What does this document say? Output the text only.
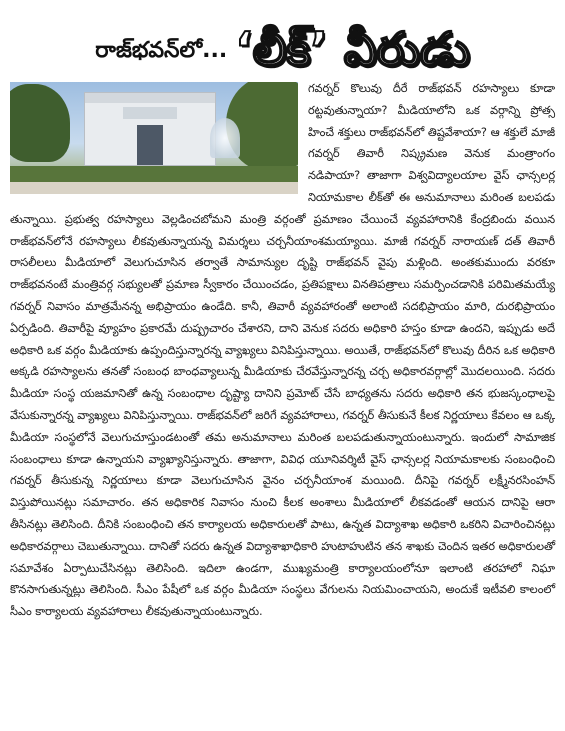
రాజ్‌భవన్‌లో... ‘లీక్’ వీరుడు

గవర్నర్ కొలువు దీరే రాజ్‌భవన్ రహస్యాలు కూడా రట్టవుతున్నాయా? మీడియాలోని ఒక వర్గాన్ని ప్రోత్స హించే శక్తులు రాజ్‌భవన్‌లో తిష్టవేశాయా? ఆ శక్తులే మాజీ గవర్నర్ తివారీ నిష్క్రమణ వెనుక మంత్రాంగం నడిపాయా? తాజాగా విశ్వవిద్యాలయాల వైస్ ఛాన్సలర్ల నియామకాల లీక్‌తో ఈ అనుమానాలు మరింత బలపడు తున్నాయి. ప్రభుత్వ రహస్యాలు వెల్లడించబోమని మంత్రి వర్గంతో ప్రమాణం చేయించే వ్యవహారానికి కేంద్రబిందు వయిన రాజ్‌భవన్‌లోనే రహస్యాలు లీకవుతున్నాయన్న విమర్శలు చర్చనీయాంశమయ్యాయి. మాజీ గవర్నర్ నారాయణ్ దత్ తివారీ రాసలీలలు మీడియాలో వెలుగుచూసిన తర్వాతే సామాన్యుల దృష్టి రాజ్‌భవన్ వైపు మళ్లింది. అంతకుముందు వరకూ రాజ్‌భవనంటే మంత్రివర్గ సభ్యులతో ప్రమాణ స్వీకారం చేయించడం, ప్రతిపక్షాలు వినతిపత్రాలు సమర్పించడానికి పరిమితమయ్యే గవర్నర్ నివాసం మాత్రమేనన్న అభిప్రాయం ఉండేది. కానీ, తివారీ వ్యవహారంతో అలాంటి సదభిప్రాయం మారి, దురభిప్రాయం ఏర్పడింది. తివారీపై వ్యూహం ప్రకారమే దుష్ప్రచారం చేశారని, దాని వెనుక సదరు అధికారి హస్తం కూడా ఉందని, ఇప్పుడు అదే అధికారి ఒక వర్గం మీడియాకు ఉప్పందిస్తున్నారన్న వ్యాఖ్యలు వినిపిస్తున్నాయి. అయితే, రాజ్‌భవన్‌లో కొలువు దీరిన ఒక అధికారి అక్కడి రహస్యాలను తనతో సంబంధ బాంధవ్యాలున్న మీడియాకు చేరవేస్తున్నారన్న చర్చ అధికారవర్గాల్లో మొదలయింది. సదరు మీడియా సంస్థ యజమానితో ఉన్న సంబంధాల దృష్ట్యా దానిని ప్రమోట్ చేసే బాధ్యతను సదరు అధికారి తన భుజస్కంధాలపై వేసుకున్నారన్న వ్యాఖ్యలు వినిపిస్తున్నాయి. రాజ్‌భవన్‌లో జరిగే వ్యవహారాలు, గవర్నర్ తీసుకునే కీలక నిర్ణయాలు కేవలం ఆ ఒక్క మీడియా సంస్థలోనే వెలుగుచూస్తుండటంతో తమ అనుమానాలు మరింత బలపడుతున్నాయంటున్నారు. ఇందులో సామాజిక సంబంధాలు కూడా ఉన్నాయని వ్యాఖ్యానిస్తున్నారు. తాజాగా, వివిధ యూనివర్శిటీ వైస్ ఛాన్సలర్ల నియామకాలకు సంబంధించి గవర్నర్ తీసుకున్న నిర్ణయాలు కూడా వెలుగుచూసిన వైనం చర్చనీయాంశ మయింది. దీనిపై గవర్నర్ లక్ష్మీనరసింహన్ విస్తుపోయినట్లు సమాచారం. తన అధికారిక నివాసం నుంచి కీలక అంశాలు మీడియాలో లీకవడంతో ఆయన దానిపై ఆరా తీసినట్లు తెలిసింది. దీనికి సంబంధించి తన కార్యాలయ అధికారులతో పాటు, ఉన్నత విద్యాశాఖ అధికారి ఒకరిని విచారించినట్లు అధికారవర్గాలు చెబుతున్నాయి. దానితో సదరు ఉన్నత విద్యాశాఖాధికారి హుటాహుటిన తన శాఖకు చెందిన ఇతర అధికారులతో సమావేశం ఏర్పాటుచేసినట్లు తెలిసింది. ఇదిలా ఉండగా, ముఖ్యమంత్రి కార్యాలయంలోనూ ఇలాంటి తరహాలో నిఘా కొనసాగుతున్నట్లు తెలిసింది. సీఎం పేషీలో ఒక వర్గం మీడియా సంస్థలు వేగులను నియమించాయని, అందుకే ఇటీవలి కాలంలో సీఎం కార్యాలయ వ్యవహారాలు లీకవుతున్నాయంటున్నారు.
